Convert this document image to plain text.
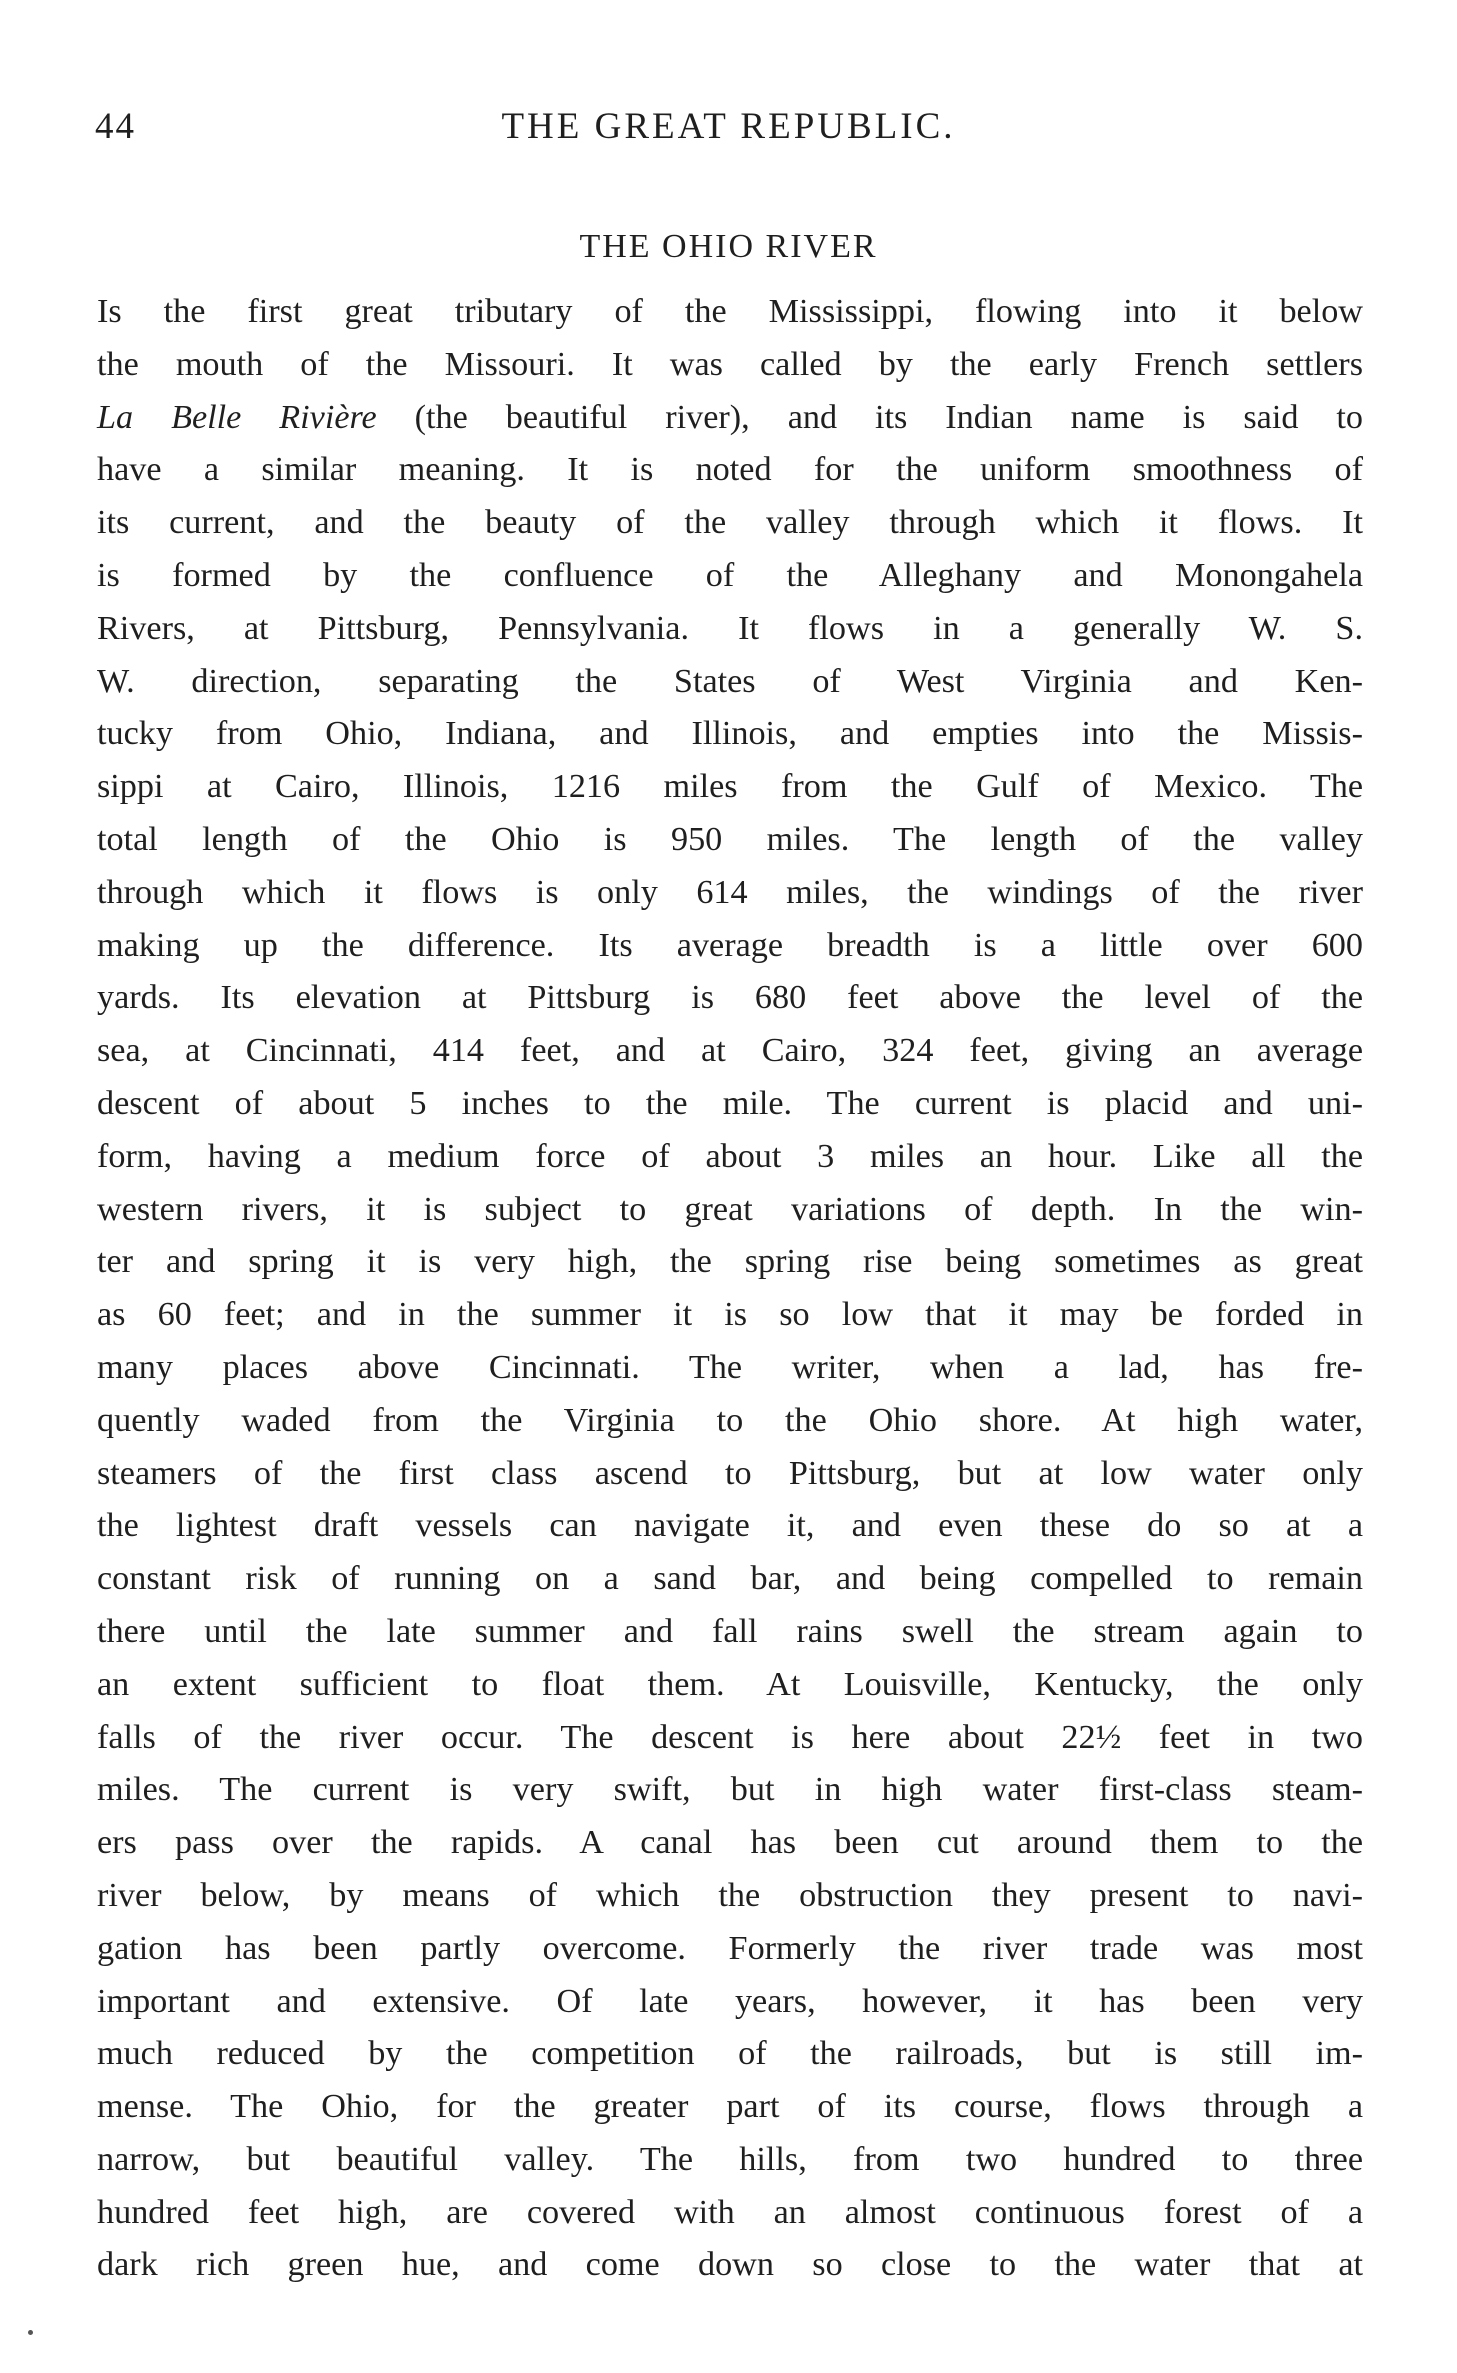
44	THE GREAT REPUBLIC.
THE OHIO RIVER
Is the first great tributary of the Mississippi, flowing into it below
the mouth of the Missouri. It was called by the early French settlers
La Belle Rivière (the beautiful river), and its Indian name is said to
have a similar meaning. It is noted for the uniform smoothness of
its current, and the beauty of the valley through which it flows. It
is formed by the confluence of the Alleghany and Monongahela
Rivers, at Pittsburg, Pennsylvania. It flows in a generally W. S.
W. direction, separating the States of West Virginia and Ken-
tucky from Ohio, Indiana, and Illinois, and empties into the Missis-
sippi at Cairo, Illinois, 1216 miles from the Gulf of Mexico. The
total length of the Ohio is 950 miles. The length of the valley
through which it flows is only 614 miles, the windings of the river
making up the difference. Its average breadth is a little over 600
yards. Its elevation at Pittsburg is 680 feet above the level of the
sea, at Cincinnati, 414 feet, and at Cairo, 324 feet, giving an average
descent of about 5 inches to the mile. The current is placid and uni-
form, having a medium force of about 3 miles an hour. Like all the
western rivers, it is subject to great variations of depth. In the win-
ter and spring it is very high, the spring rise being sometimes as great
as 60 feet; and in the summer it is so low that it may be forded in
many places above Cincinnati. The writer, when a lad, has fre-
quently waded from the Virginia to the Ohio shore. At high water,
steamers of the first class ascend to Pittsburg, but at low water only
the lightest draft vessels can navigate it, and even these do so at a
constant risk of running on a sand bar, and being compelled to remain
there until the late summer and fall rains swell the stream again to
an extent sufficient to float them. At Louisville, Kentucky, the only
falls of the river occur. The descent is here about 22½ feet in two
miles. The current is very swift, but in high water first-class steam-
ers pass over the rapids. A canal has been cut around them to the
river below, by means of which the obstruction they present to navi-
gation has been partly overcome. Formerly the river trade was most
important and extensive. Of late years, however, it has been very
much reduced by the competition of the railroads, but is still im-
mense. The Ohio, for the greater part of its course, flows through a
narrow, but beautiful valley. The hills, from two hundred to three
hundred feet high, are covered with an almost continuous forest of a
dark rich green hue, and come down so close to the water that at
